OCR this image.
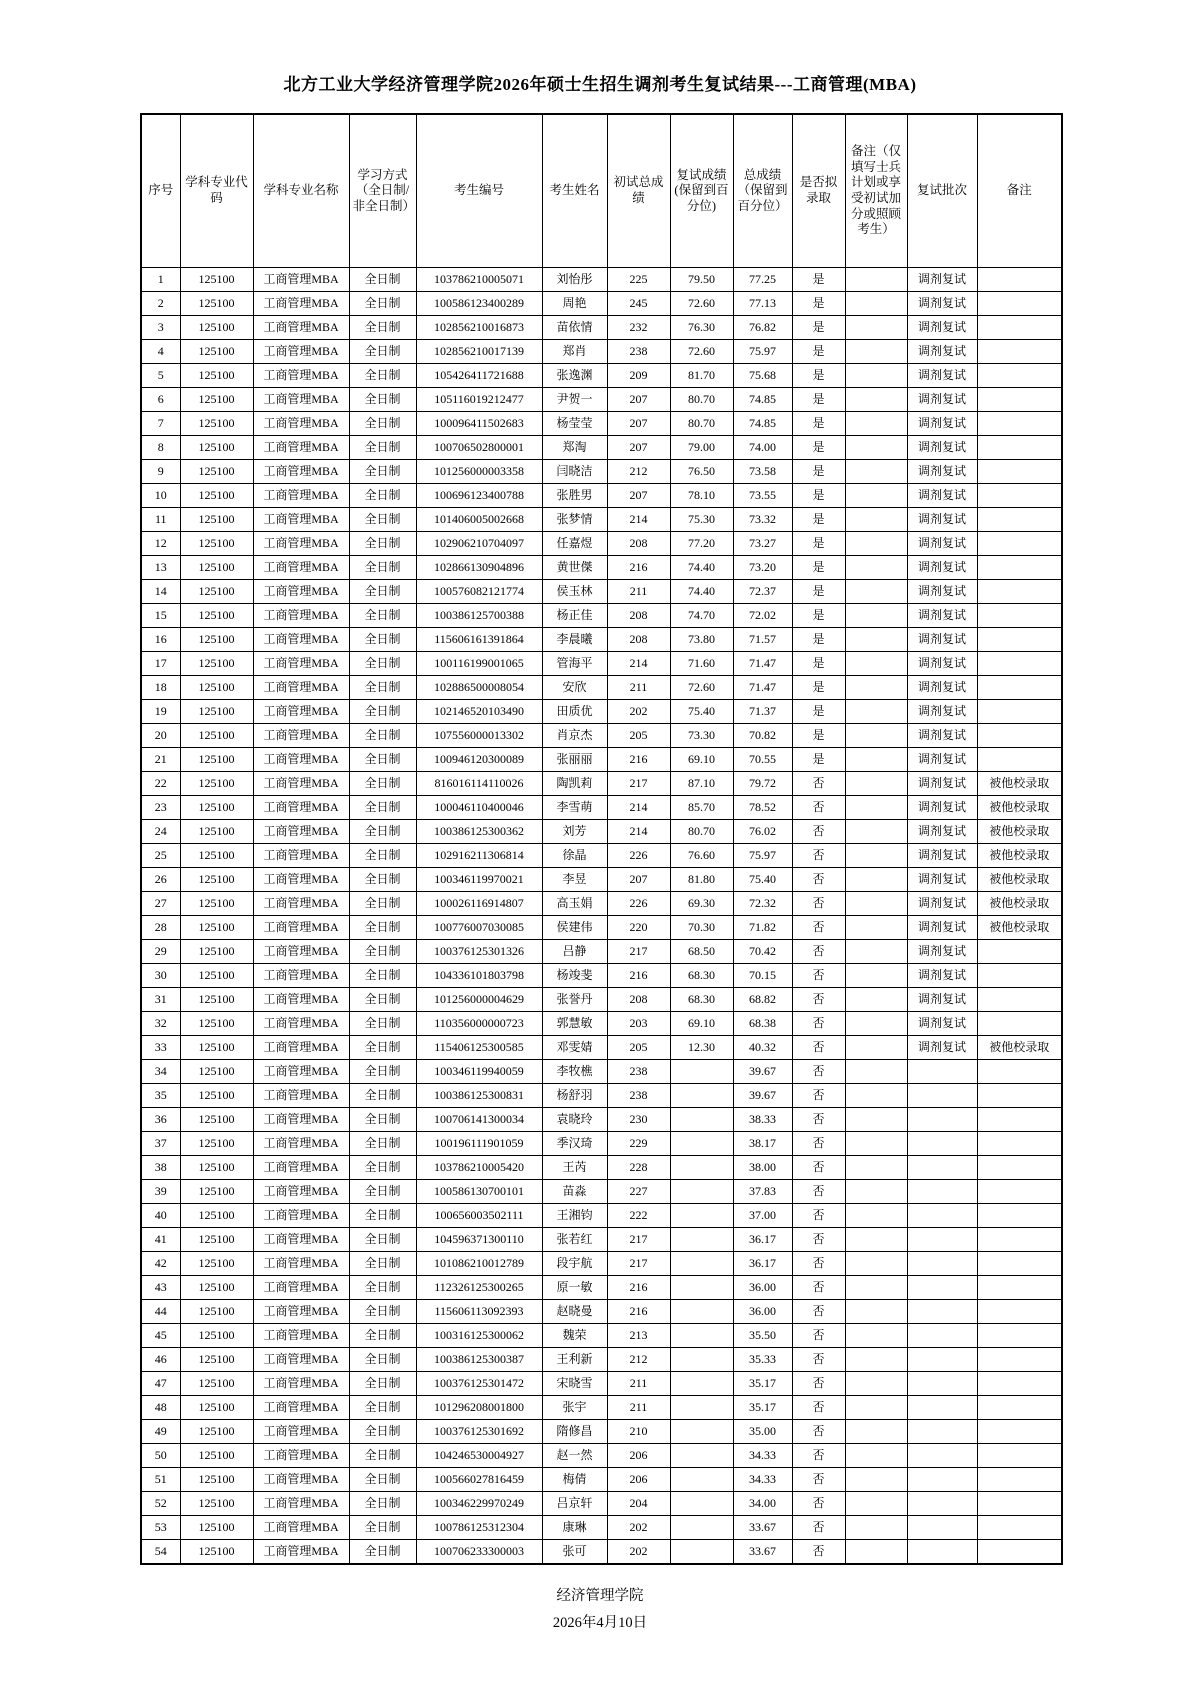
北方工业大学经济管理学院2026年硕士生招生调剂考生复试结果---工商管理(MBA)
序号	学科专业代码	学科专业名称	学习方式（全日制/非全日制）	考生编号	考生姓名	初试总成绩	复试成绩(保留到百分位)	总成绩（保留到百分位）	是否拟录取	备注（仅填写士兵计划或享受初试加分或照顾考生）	复试批次	备注
1	125100	工商管理MBA	全日制	103786210005071	刘怡彤	225	79.50	77.25	是		调剂复试	
2	125100	工商管理MBA	全日制	100586123400289	周艳	245	72.60	77.13	是		调剂复试	
3	125100	工商管理MBA	全日制	102856210016873	苗依情	232	76.30	76.82	是		调剂复试	
4	125100	工商管理MBA	全日制	102856210017139	郑肖	238	72.60	75.97	是		调剂复试	
5	125100	工商管理MBA	全日制	105426411721688	张逸渊	209	81.70	75.68	是		调剂复试	
6	125100	工商管理MBA	全日制	105116019212477	尹贺一	207	80.70	74.85	是		调剂复试	
7	125100	工商管理MBA	全日制	100096411502683	杨莹莹	207	80.70	74.85	是		调剂复试	
8	125100	工商管理MBA	全日制	100706502800001	郑淘	207	79.00	74.00	是		调剂复试	
9	125100	工商管理MBA	全日制	101256000003358	闫晓洁	212	76.50	73.58	是		调剂复试	
10	125100	工商管理MBA	全日制	100696123400788	张胜男	207	78.10	73.55	是		调剂复试	
11	125100	工商管理MBA	全日制	101406005002668	张梦情	214	75.30	73.32	是		调剂复试	
12	125100	工商管理MBA	全日制	102906210704097	任嘉煜	208	77.20	73.27	是		调剂复试	
13	125100	工商管理MBA	全日制	102866130904896	黄世傑	216	74.40	73.20	是		调剂复试	
14	125100	工商管理MBA	全日制	100576082121774	侯玉林	211	74.40	72.37	是		调剂复试	
15	125100	工商管理MBA	全日制	100386125700388	杨正佳	208	74.70	72.02	是		调剂复试	
16	125100	工商管理MBA	全日制	115606161391864	李晨曦	208	73.80	71.57	是		调剂复试	
17	125100	工商管理MBA	全日制	100116199001065	管海平	214	71.60	71.47	是		调剂复试	
18	125100	工商管理MBA	全日制	102886500008054	安欣	211	72.60	71.47	是		调剂复试	
19	125100	工商管理MBA	全日制	102146520103490	田质优	202	75.40	71.37	是		调剂复试	
20	125100	工商管理MBA	全日制	107556000013302	肖京杰	205	73.30	70.82	是		调剂复试	
21	125100	工商管理MBA	全日制	100946120300089	张丽丽	216	69.10	70.55	是		调剂复试	
22	125100	工商管理MBA	全日制	816016114110026	陶凯莉	217	87.10	79.72	否		调剂复试	被他校录取
23	125100	工商管理MBA	全日制	100046110400046	李雪萌	214	85.70	78.52	否		调剂复试	被他校录取
24	125100	工商管理MBA	全日制	100386125300362	刘芳	214	80.70	76.02	否		调剂复试	被他校录取
25	125100	工商管理MBA	全日制	102916211306814	徐晶	226	76.60	75.97	否		调剂复试	被他校录取
26	125100	工商管理MBA	全日制	100346119970021	李昱	207	81.80	75.40	否		调剂复试	被他校录取
27	125100	工商管理MBA	全日制	100026116914807	高玉娟	226	69.30	72.32	否		调剂复试	被他校录取
28	125100	工商管理MBA	全日制	100776007030085	侯建伟	220	70.30	71.82	否		调剂复试	被他校录取
29	125100	工商管理MBA	全日制	100376125301326	吕静	217	68.50	70.42	否		调剂复试	
30	125100	工商管理MBA	全日制	104336101803798	杨竣斐	216	68.30	70.15	否		调剂复试	
31	125100	工商管理MBA	全日制	101256000004629	张誉丹	208	68.30	68.82	否		调剂复试	
32	125100	工商管理MBA	全日制	110356000000723	郭慧敏	203	69.10	68.38	否		调剂复试	
33	125100	工商管理MBA	全日制	115406125300585	邓雯婧	205	12.30	40.32	否		调剂复试	被他校录取
34	125100	工商管理MBA	全日制	100346119940059	李牧樵	238		39.67	否			
35	125100	工商管理MBA	全日制	100386125300831	杨舒羽	238		39.67	否			
36	125100	工商管理MBA	全日制	100706141300034	袁晓玲	230		38.33	否			
37	125100	工商管理MBA	全日制	100196111901059	季汉琦	229		38.17	否			
38	125100	工商管理MBA	全日制	103786210005420	王芮	228		38.00	否			
39	125100	工商管理MBA	全日制	100586130700101	苗淼	227		37.83	否			
40	125100	工商管理MBA	全日制	100656003502111	王湘钧	222		37.00	否			
41	125100	工商管理MBA	全日制	104596371300110	张若红	217		36.17	否			
42	125100	工商管理MBA	全日制	101086210012789	段宇航	217		36.17	否			
43	125100	工商管理MBA	全日制	112326125300265	原一敏	216		36.00	否			
44	125100	工商管理MBA	全日制	115606113092393	赵晓曼	216		36.00	否			
45	125100	工商管理MBA	全日制	100316125300062	魏荣	213		35.50	否			
46	125100	工商管理MBA	全日制	100386125300387	王利新	212		35.33	否			
47	125100	工商管理MBA	全日制	100376125301472	宋晓雪	211		35.17	否			
48	125100	工商管理MBA	全日制	101296208001800	张宇	211		35.17	否			
49	125100	工商管理MBA	全日制	100376125301692	隋修昌	210		35.00	否			
50	125100	工商管理MBA	全日制	104246530004927	赵一然	206		34.33	否			
51	125100	工商管理MBA	全日制	100566027816459	梅倩	206		34.33	否			
52	125100	工商管理MBA	全日制	100346229970249	吕京轩	204		34.00	否			
53	125100	工商管理MBA	全日制	100786125312304	康琳	202		33.67	否			
54	125100	工商管理MBA	全日制	100706233300003	张可	202		33.67	否			
经济管理学院
2026年4月10日
